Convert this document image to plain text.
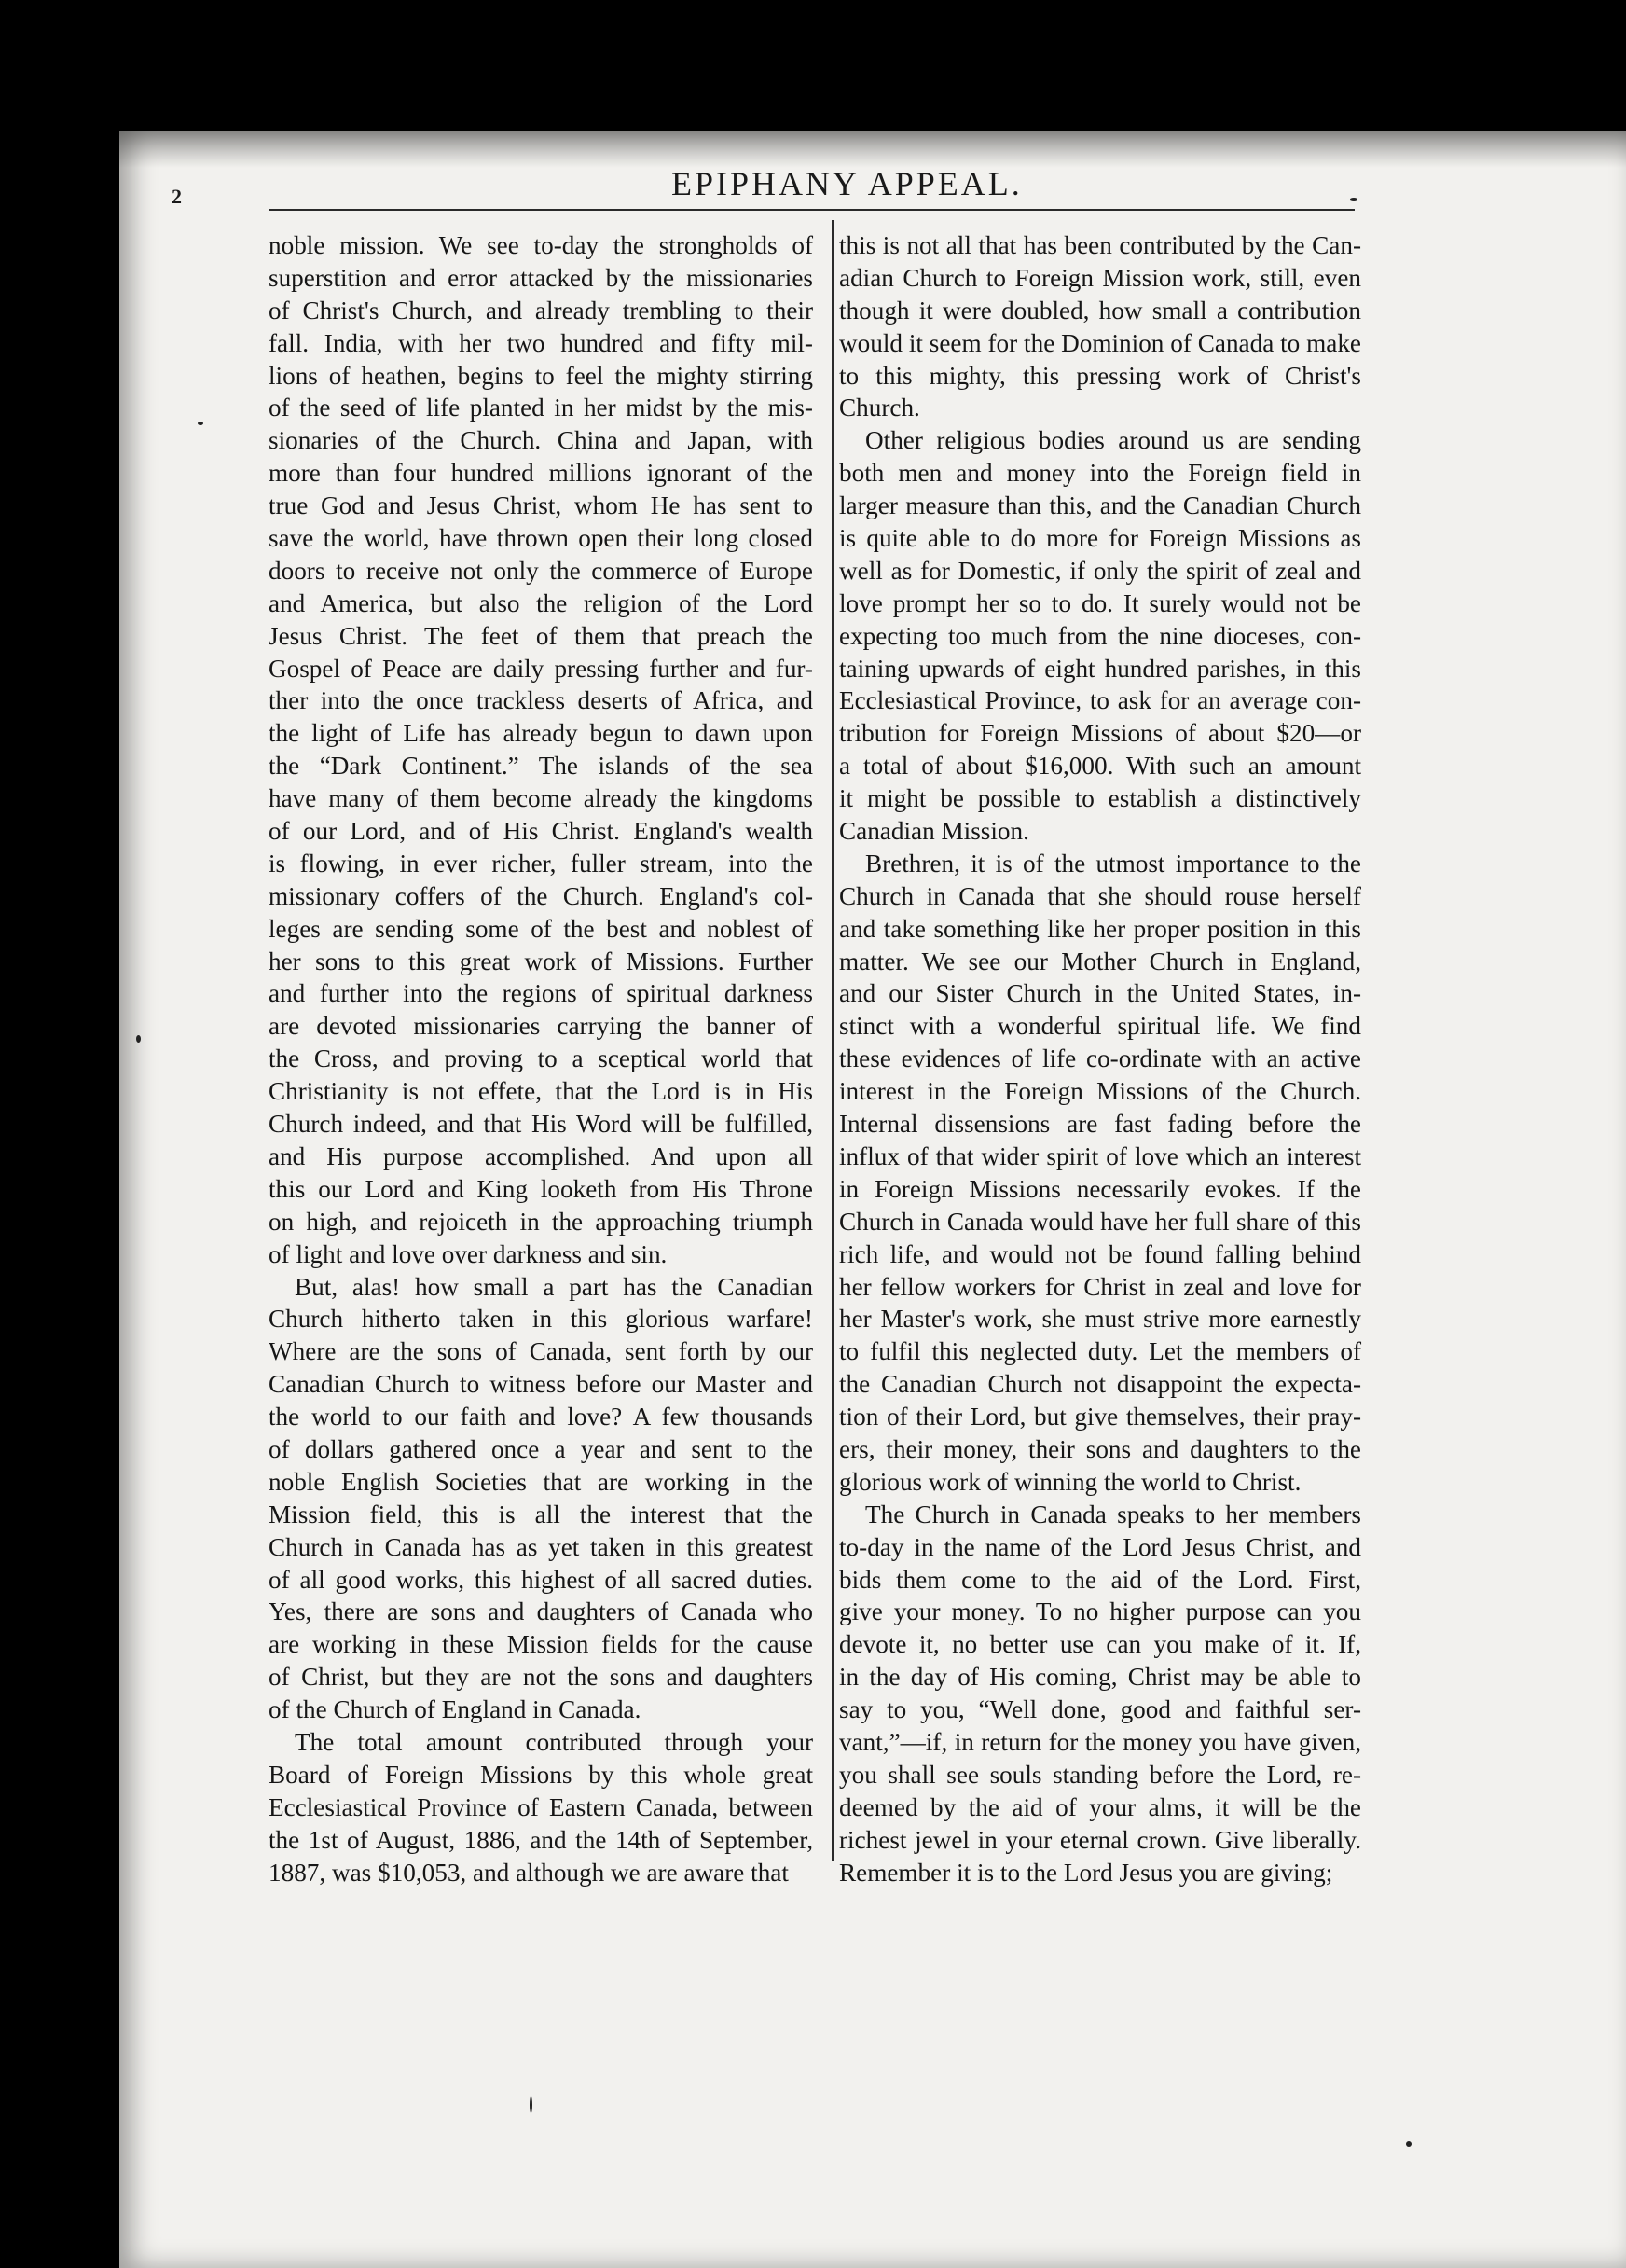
2	EPIPHANY APPEAL.
noble mission. We see to-day the strongholds of
superstition and error attacked by the missionaries
of Christ's Church, and already trembling to their
fall. India, with her two hundred and fifty mil-
lions of heathen, begins to feel the mighty stirring
of the seed of life planted in her midst by the mis-
sionaries of the Church. China and Japan, with
more than four hundred millions ignorant of the
true God and Jesus Christ, whom He has sent to
save the world, have thrown open their long closed
doors to receive not only the commerce of Europe
and America, but also the religion of the Lord
Jesus Christ. The feet of them that preach the
Gospel of Peace are daily pressing further and fur-
ther into the once trackless deserts of Africa, and
the light of Life has already begun to dawn upon
the “Dark Continent.” The islands of the sea
have many of them become already the kingdoms
of our Lord, and of His Christ. England's wealth
is flowing, in ever richer, fuller stream, into the
missionary coffers of the Church. England's col-
leges are sending some of the best and noblest of
her sons to this great work of Missions. Further
and further into the regions of spiritual darkness
are devoted missionaries carrying the banner of
the Cross, and proving to a sceptical world that
Christianity is not effete, that the Lord is in His
Church indeed, and that His Word will be fulfilled,
and His purpose accomplished. And upon all
this our Lord and King looketh from His Throne
on high, and rejoiceth in the approaching triumph
of light and love over darkness and sin.
But, alas! how small a part has the Canadian
Church hitherto taken in this glorious warfare!
Where are the sons of Canada, sent forth by our
Canadian Church to witness before our Master and
the world to our faith and love? A few thousands
of dollars gathered once a year and sent to the
noble English Societies that are working in the
Mission field, this is all the interest that the
Church in Canada has as yet taken in this greatest
of all good works, this highest of all sacred duties.
Yes, there are sons and daughters of Canada who
are working in these Mission fields for the cause
of Christ, but they are not the sons and daughters
of the Church of England in Canada.
The total amount contributed through your
Board of Foreign Missions by this whole great
Ecclesiastical Province of Eastern Canada, between
the 1st of August, 1886, and the 14th of September,
1887, was $10,053, and although we are aware that
this is not all that has been contributed by the Can-
adian Church to Foreign Mission work, still, even
though it were doubled, how small a contribution
would it seem for the Dominion of Canada to make
to this mighty, this pressing work of Christ's
Church.
Other religious bodies around us are sending
both men and money into the Foreign field in
larger measure than this, and the Canadian Church
is quite able to do more for Foreign Missions as
well as for Domestic, if only the spirit of zeal and
love prompt her so to do. It surely would not be
expecting too much from the nine dioceses, con-
taining upwards of eight hundred parishes, in this
Ecclesiastical Province, to ask for an average con-
tribution for Foreign Missions of about $20—or
a total of about $16,000. With such an amount
it might be possible to establish a distinctively
Canadian Mission.
Brethren, it is of the utmost importance to the
Church in Canada that she should rouse herself
and take something like her proper position in this
matter. We see our Mother Church in England,
and our Sister Church in the United States, in-
stinct with a wonderful spiritual life. We find
these evidences of life co-ordinate with an active
interest in the Foreign Missions of the Church.
Internal dissensions are fast fading before the
influx of that wider spirit of love which an interest
in Foreign Missions necessarily evokes. If the
Church in Canada would have her full share of this
rich life, and would not be found falling behind
her fellow workers for Christ in zeal and love for
her Master's work, she must strive more earnestly
to fulfil this neglected duty. Let the members of
the Canadian Church not disappoint the expecta-
tion of their Lord, but give themselves, their pray-
ers, their money, their sons and daughters to the
glorious work of winning the world to Christ.
The Church in Canada speaks to her members
to-day in the name of the Lord Jesus Christ, and
bids them come to the aid of the Lord. First,
give your money. To no higher purpose can you
devote it, no better use can you make of it. If,
in the day of His coming, Christ may be able to
say to you, “Well done, good and faithful ser-
vant,”—if, in return for the money you have given,
you shall see souls standing before the Lord, re-
deemed by the aid of your alms, it will be the
richest jewel in your eternal crown. Give liberally.
Remember it is to the Lord Jesus you are giving;
